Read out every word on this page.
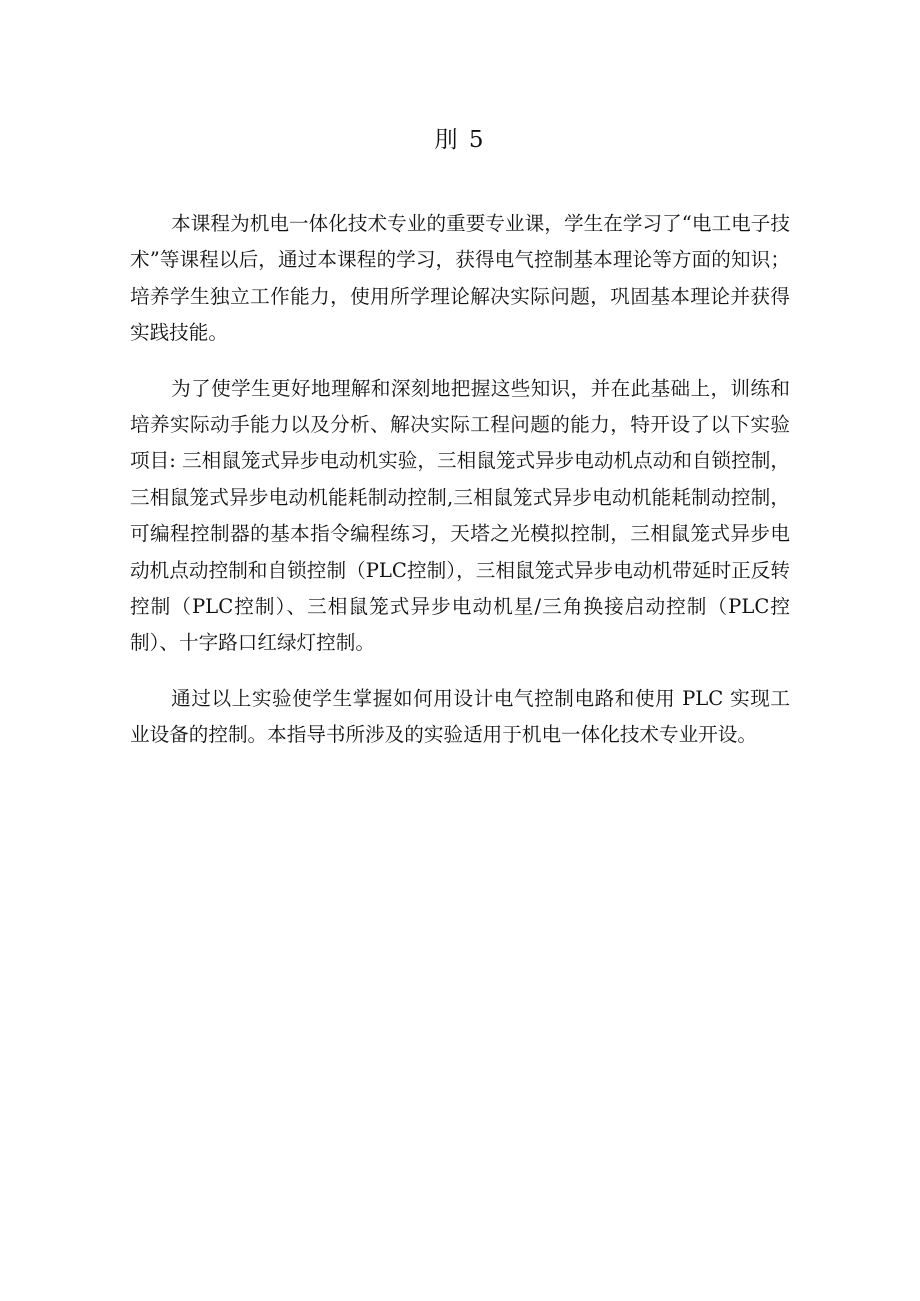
刖 5

本课程为机电一体化技术专业的重要专业课，学生在学习了“电工电子技术”等课程以后，通过本课程的学习，获得电气控制基本理论等方面的知识；培养学生独立工作能力，使用所学理论解决实际问题，巩固基本理论并获得实践技能。

为了使学生更好地理解和深刻地把握这些知识，并在此基础上，训练和培养实际动手能力以及分析、解决实际工程问题的能力，特开设了以下实验项目: 三相鼠笼式异步电动机实验，三相鼠笼式异步电动机点动和自锁控制，三相鼠笼式异步电动机能耗制动控制,三相鼠笼式异步电动机能耗制动控制，可编程控制器的基本指令编程练习，天塔之光模拟控制，三相鼠笼式异步电动机点动控制和自锁控制（PLC控制），三相鼠笼式异步电动机带延时正反转控制（PLC控制）、三相鼠笼式异步电动机星/三角换接启动控制（PLC控制）、十字路口红绿灯控制。

通过以上实验使学生掌握如何用设计电气控制电路和使用 PLC 实现工业设备的控制。本指导书所涉及的实验适用于机电一体化技术专业开设。
